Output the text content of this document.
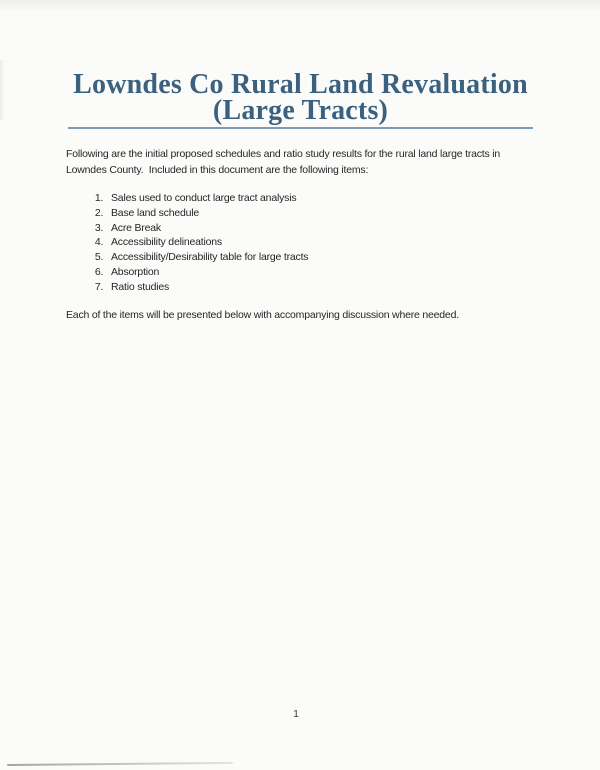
Lowndes Co Rural Land Revaluation
(Large Tracts)

Following are the initial proposed schedules and ratio study results for the rural land large tracts in Lowndes County.  Included in this document are the following items:

1. Sales used to conduct large tract analysis
2. Base land schedule
3. Acre Break
4. Accessibility delineations
5. Accessibility/Desirability table for large tracts
6. Absorption
7. Ratio studies

Each of the items will be presented below with accompanying discussion where needed.

1
